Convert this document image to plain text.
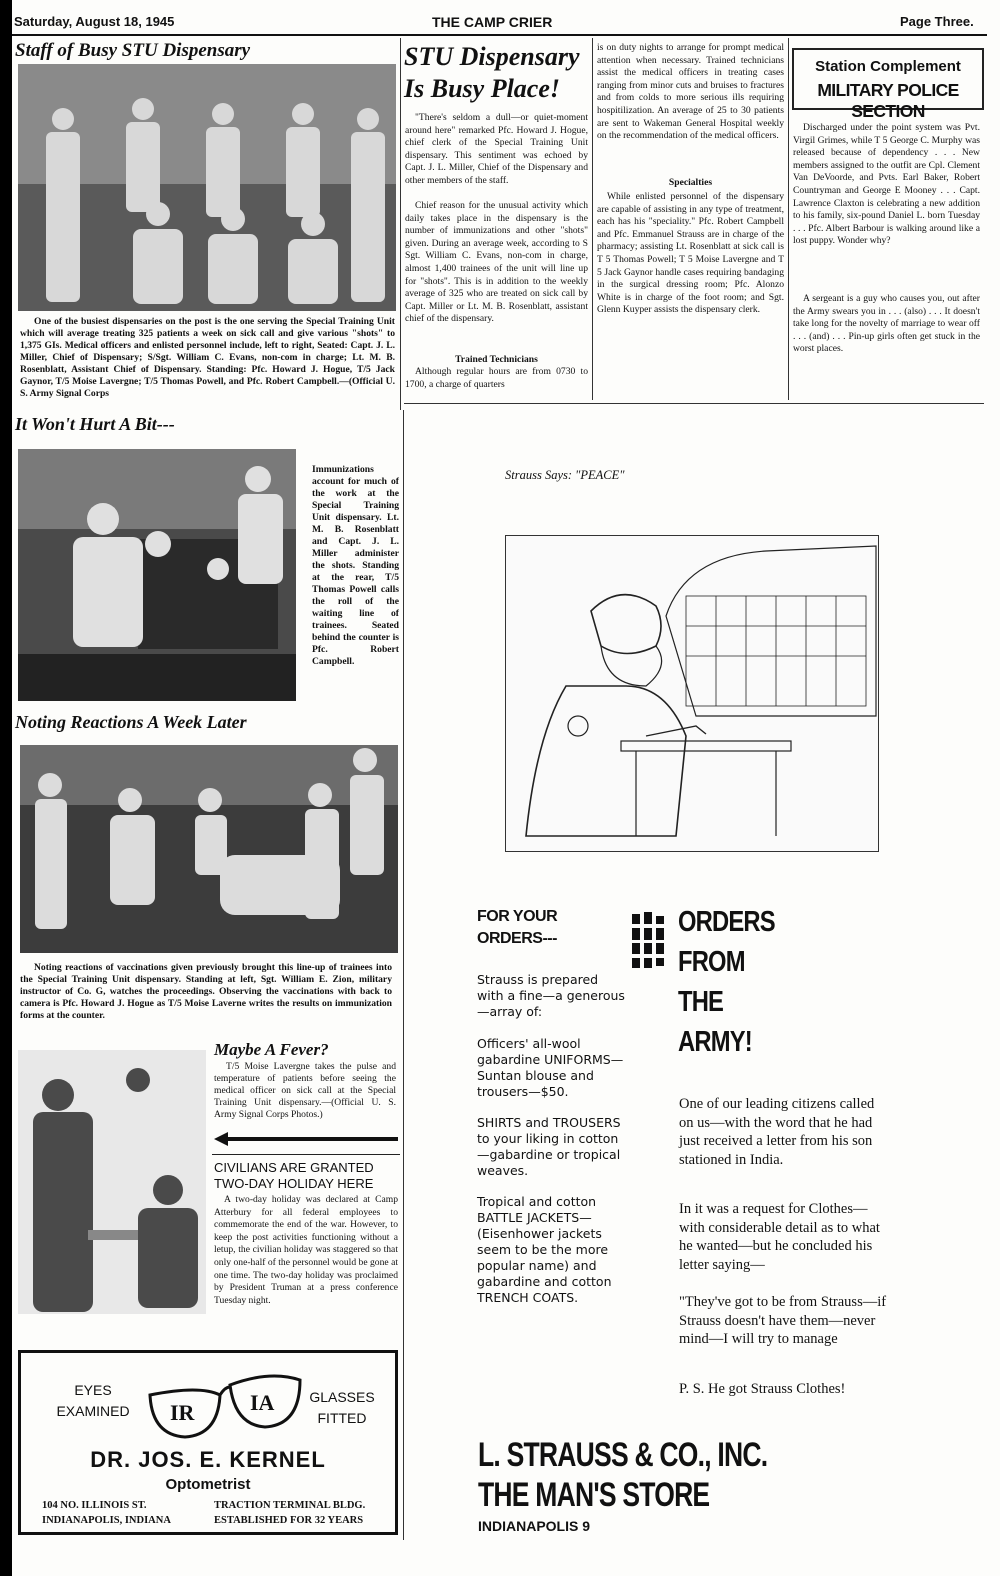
Saturday, August 18, 1945	THE CAMP CRIER	Page Three.
Staff of Busy STU Dispensary
One of the busiest dispensaries on the post is the one serving the Special Training Unit which will average treating 325 patients a week on sick call and give various "shots" to 1,375 GIs. Medical officers and enlisted personnel include, left to right, Seated: Capt. J. L. Miller, Chief of Dispensary; S/Sgt. William C. Evans, non-com in charge; Lt. M. B. Rosenblatt, Assistant Chief of Dispensary. Standing: Pfc. Howard J. Hogue, T/5 Jack Gaynor, T/5 Moise Lavergne; T/5 Thomas Powell, and Pfc. Robert Campbell.—(Official U. S. Army Signal Corps
STU Dispensary
Is Busy Place!
"There's seldom a dull—or quiet-moment around here" remarked Pfc. Howard J. Hogue, chief clerk of the Special Training Unit dispensary. This sentiment was echoed by Capt. J. L. Miller, Chief of the Dispensary and other members of the staff.
Chief reason for the unusual activity which daily takes place in the dispensary is the number of immunizations and other "shots" given. During an average week, according to S Sgt. William C. Evans, non-com in charge, almost 1,400 trainees of the unit will line up for "shots". This is in addition to the weekly average of 325 who are treated on sick call by Capt. Miller or Lt. M. B. Rosenblatt, assistant chief of the dispensary.
Trained Technicians
Although regular hours are from 0730 to 1700, a charge of quarters
is on duty nights to arrange for prompt medical attention when necessary. Trained technicians assist the medical officers in treating cases ranging from minor cuts and bruises to fractures and from colds to more serious ills requiring hospitilization. An average of 25 to 30 patients are sent to Wakeman General Hospital weekly on the recommendation of the medical officers.
Specialties
While enlisted personnel of the dispensary are capable of assisting in any type of treatment, each has his "speciality." Pfc. Robert Campbell and Pfc. Emmanuel Strauss are in charge of the pharmacy; assisting Lt. Rosenblatt at sick call is T 5 Thomas Powell; T 5 Moise Lavergne and T 5 Jack Gaynor handle cases requiring bandaging in the surgical dressing room; Pfc. Alonzo White is in charge of the foot room; and Sgt. Glenn Kuyper assists the dispensary clerk.
Station Complement
MILITARY POLICE SECTION
Discharged under the point system was Pvt. Virgil Grimes, while T 5 George C. Murphy was released because of dependency . . . New members assigned to the outfit are Cpl. Clement Van DeVoorde, and Pvts. Earl Baker, Robert Countryman and George E Mooney . . . Capt. Lawrence Claxton is celebrating a new addition to his family, six-pound Daniel L. born Tuesday . . . Pfc. Albert Barbour is walking around like a lost puppy. Wonder why?
A sergeant is a guy who causes you, out after the Army swears you in . . . (also) . . . It doesn't take long for the novelty of marriage to wear off . . . (and) . . . Pin-up girls often get stuck in the worst places.
It Won't Hurt A Bit---
Immunizations account for much of the work at the Special Training Unit dispensary. Lt. M. B. Rosenblatt and Capt. J. L. Miller administer the shots. Standing at the rear, T/5 Thomas Powell calls the roll of the waiting line of trainees. Seated behind the counter is Pfc. Robert Campbell.
Noting Reactions A Week Later
Noting reactions of vaccinations given previously brought this line-up of trainees into the Special Training Unit dispensary. Standing at left, Sgt. William E. Zion, military instructor of Co. G, watches the proceedings. Observing the vaccinations with back to camera is Pfc. Howard J. Hogue as T/5 Moise Laverne writes the results on immunization forms at the counter.
Maybe A Fever?
T/5 Moise Lavergne takes the pulse and temperature of patients before seeing the medical officer on sick call at the Special Training Unit dispensary.—(Official U. S. Army Signal Corps Photos.)
CIVILIANS ARE GRANTED TWO-DAY HOLIDAY HERE
A two-day holiday was declared at Camp Atterbury for all federal employees to commemorate the end of the war. However, to keep the post activities functioning without a letup, the civilian holiday was staggered so that only one-half of the personnel would be gone at one time. The two-day holiday was proclaimed by President Truman at a press conference Tuesday night.
Strauss Says: "PEACE"
EYES EXAMINED
GLASSES FITTED
IR	IA
DR. JOS. E. KERNEL
Optometrist
104 NO. ILLINOIS ST.
INDIANAPOLIS, INDIANA
TRACTION TERMINAL BLDG.
ESTABLISHED FOR 32 YEARS
FOR YOUR ORDERS---
Strauss is prepared with a fine—a generous—array of:
Officers' all-wool gabardine UNIFORMS—Suntan blouse and trousers—$50.
SHIRTS and TROUSERS to your liking in cotton—gabardine or tropical weaves.
Tropical and cotton BATTLE JACKETS—(Eisenhower jackets seem to be the more popular name) and gabardine and cotton TRENCH COATS.
ORDERS FROM THE ARMY!
One of our leading citizens called on us—with the word that he had just received a letter from his son stationed in India.
In it was a request for Clothes—with considerable detail as to what he wanted—but he concluded his letter saying—
"They've got to be from Strauss—if Strauss doesn't have them—never mind—I will try to manage
P. S. He got Strauss Clothes!
L. STRAUSS & CO., INC.
THE MAN'S STORE
INDIANAPOLIS 9
